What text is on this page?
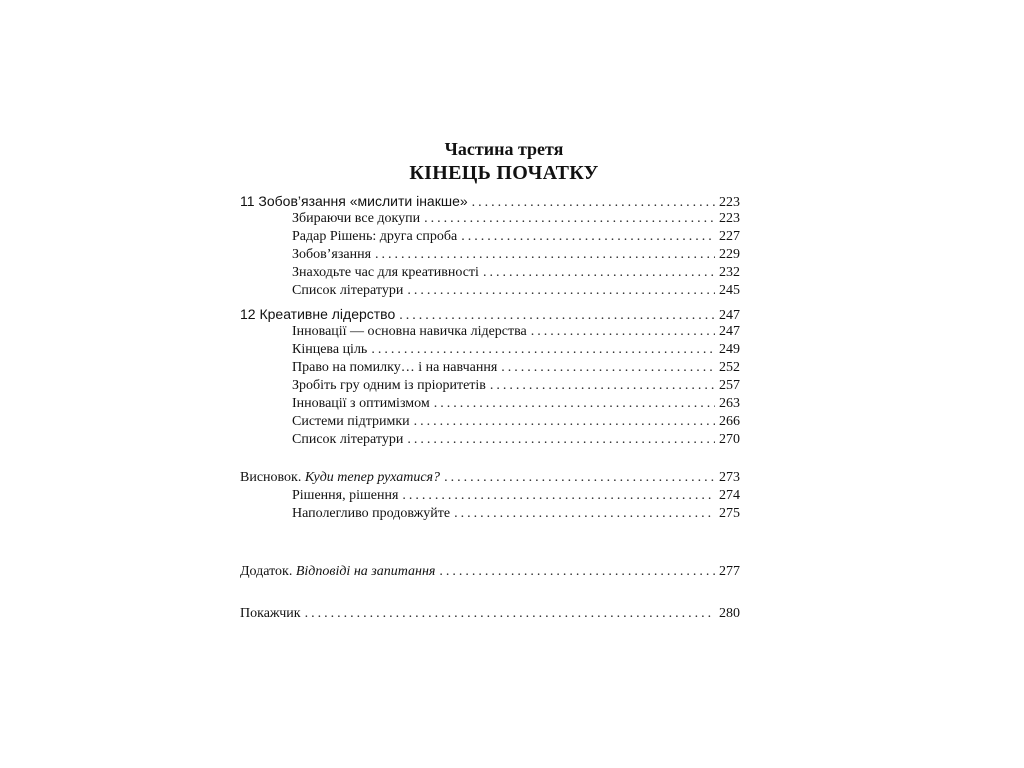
Частина третя
КІНЕЦЬ ПОЧАТКУ
11 Зобов’язання «мислити інакше» .....	223
Збираючи все докупи .....	223
Радар Рішень: друга спроба .....	227
Зобов’язання .....	229
Знаходьте час для креативності .....	232
Список літератури .....	245
12 Креативне лідерство .....	247
Інновації — основна навичка лідерства .....	247
Кінцева ціль .....	249
Право на помилку… і на навчання .....	252
Зробіть гру одним із пріоритетів .....	257
Інновації з оптимізмом .....	263
Системи підтримки .....	266
Список літератури .....	270
Висновок. Куди тепер рухатися? .....	273
Рішення, рішення .....	274
Наполегливо продовжуйте .....	275
Додаток. Відповіді на запитання .....	277
Покажчик .....	280
